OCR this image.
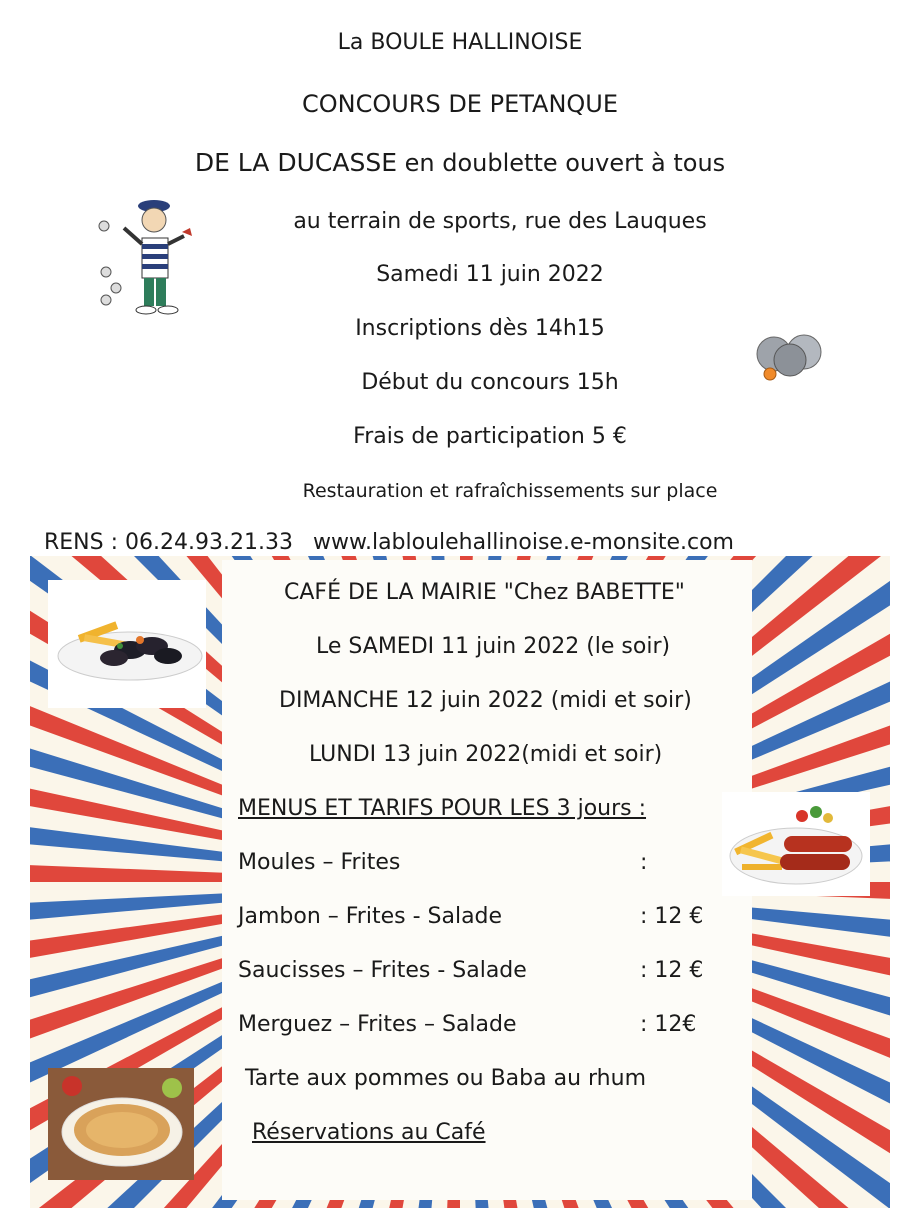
La BOULE HALLINOISE
CONCOURS DE PETANQUE
DE LA DUCASSE en doublette ouvert à tous
au terrain de sports, rue des Lauques
Samedi 11 juin 2022
Inscriptions dès 14h15
Début du concours 15h
Frais de participation 5 €
Restauration et rafraîchissements sur place
RENS : 06.24.93.21.33 www.labloulehallinoise.e-monsite.com
CAFÉ DE LA MAIRIE "Chez BABETTE"
Le SAMEDI 11 juin 2022 (le soir)
DIMANCHE 12 juin 2022 (midi et soir)
LUNDI 13 juin 2022(midi et soir)
MENUS ET TARIFS POUR LES 3 jours :
Moules – Frites	:
Jambon – Frites - Salade	: 12 €
Saucisses – Frites - Salade	: 12 €
Merguez – Frites – Salade	: 12€
Tarte aux pommes ou Baba au rhum
Réservations au Café
